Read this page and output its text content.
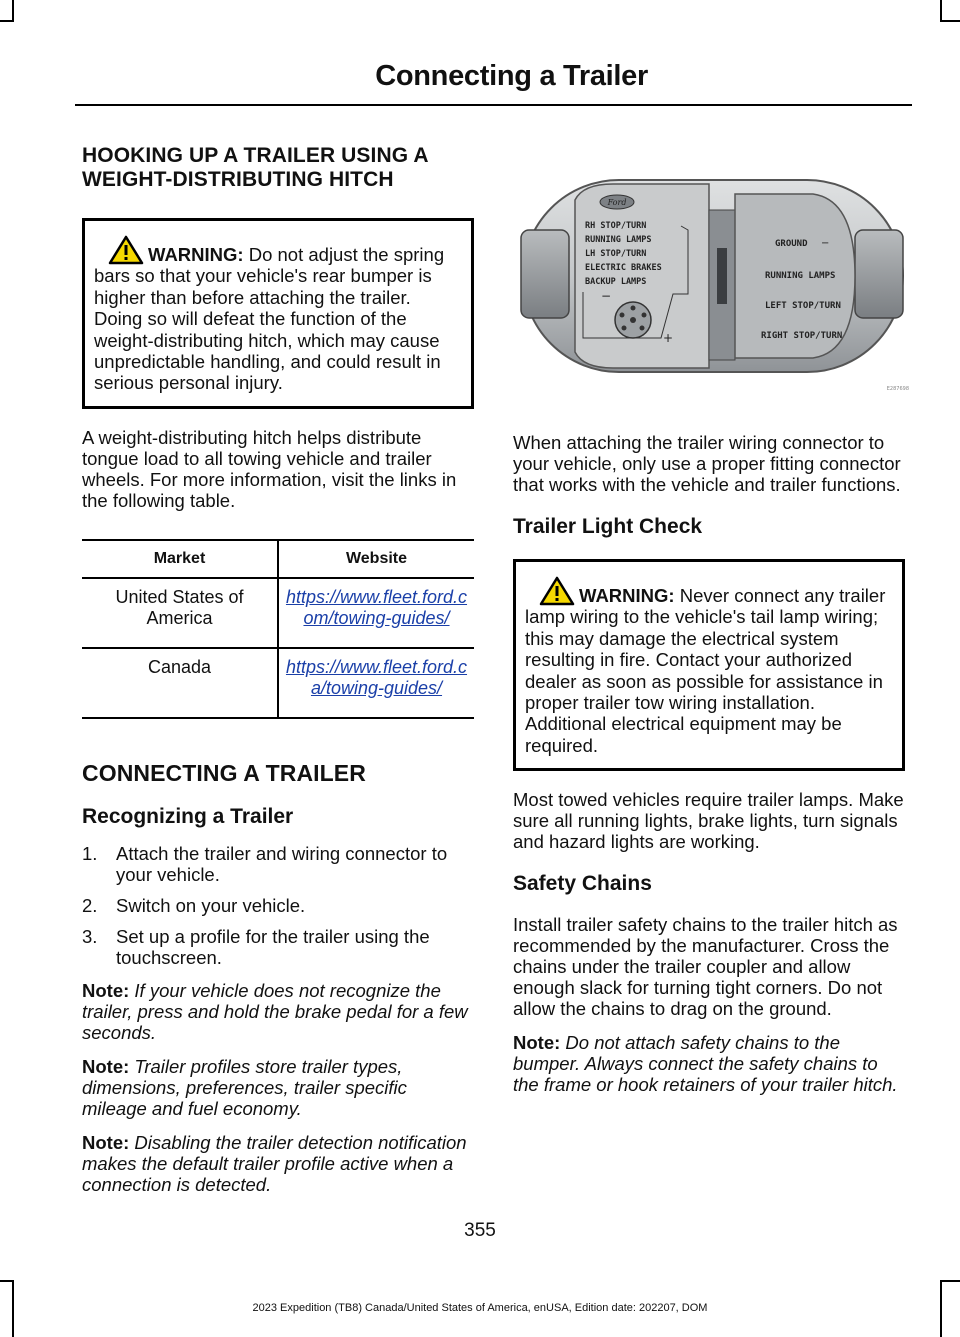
Connecting a Trailer
HOOKING UP A TRAILER USING A WEIGHT-DISTRIBUTING HITCH
WARNING: Do not adjust the spring bars so that your vehicle's rear bumper is higher than before attaching the trailer. Doing so will defeat the function of the weight-distributing hitch, which may cause unpredictable handling, and could result in serious personal injury.

A weight-distributing hitch helps distribute tongue load to all towing vehicle and trailer wheels. For more information, visit the links in the following table.

Market	Website
United States of America	https://www.fleet.ford.com/towing-guides/
Canada	https://www.fleet.ford.ca/towing-guides/
CONNECTING A TRAILER
Recognizing a Trailer
1. Attach the trailer and wiring connector to your vehicle.
2. Switch on your vehicle.
3. Set up a profile for the trailer using the touchscreen.

Note: If your vehicle does not recognize the trailer, press and hold the brake pedal for a few seconds.

Note: Trailer profiles store trailer types, dimensions, preferences, trailer specific mileage and fuel economy.

Note: Disabling the trailer detection notification makes the default trailer profile active when a connection is detected.

Ford
RH STOP/TURN
RUNNING LAMPS
LH STOP/TURN
ELECTRIC BRAKES
BACKUP LAMPS
−
+
GROUND
RUNNING LAMPS
LEFT STOP/TURN
RIGHT STOP/TURN
−
E287698

When attaching the trailer wiring connector to your vehicle, only use a proper fitting connector that works with the vehicle and trailer functions.

Trailer Light Check
WARNING: Never connect any trailer lamp wiring to the vehicle's tail lamp wiring; this may damage the electrical system resulting in fire. Contact your authorized dealer as soon as possible for assistance in proper trailer tow wiring installation. Additional electrical equipment may be required.

Most towed vehicles require trailer lamps. Make sure all running lights, brake lights, turn signals and hazard lights are working.

Safety Chains

Install trailer safety chains to the trailer hitch as recommended by the manufacturer. Cross the chains under the trailer coupler and allow enough slack for turning tight corners. Do not allow the chains to drag on the ground.

Note: Do not attach safety chains to the bumper. Always connect the safety chains to the frame or hook retainers of your trailer hitch.

355
2023 Expedition (TB8) Canada/United States of America, enUSA, Edition date: 202207, DOM
